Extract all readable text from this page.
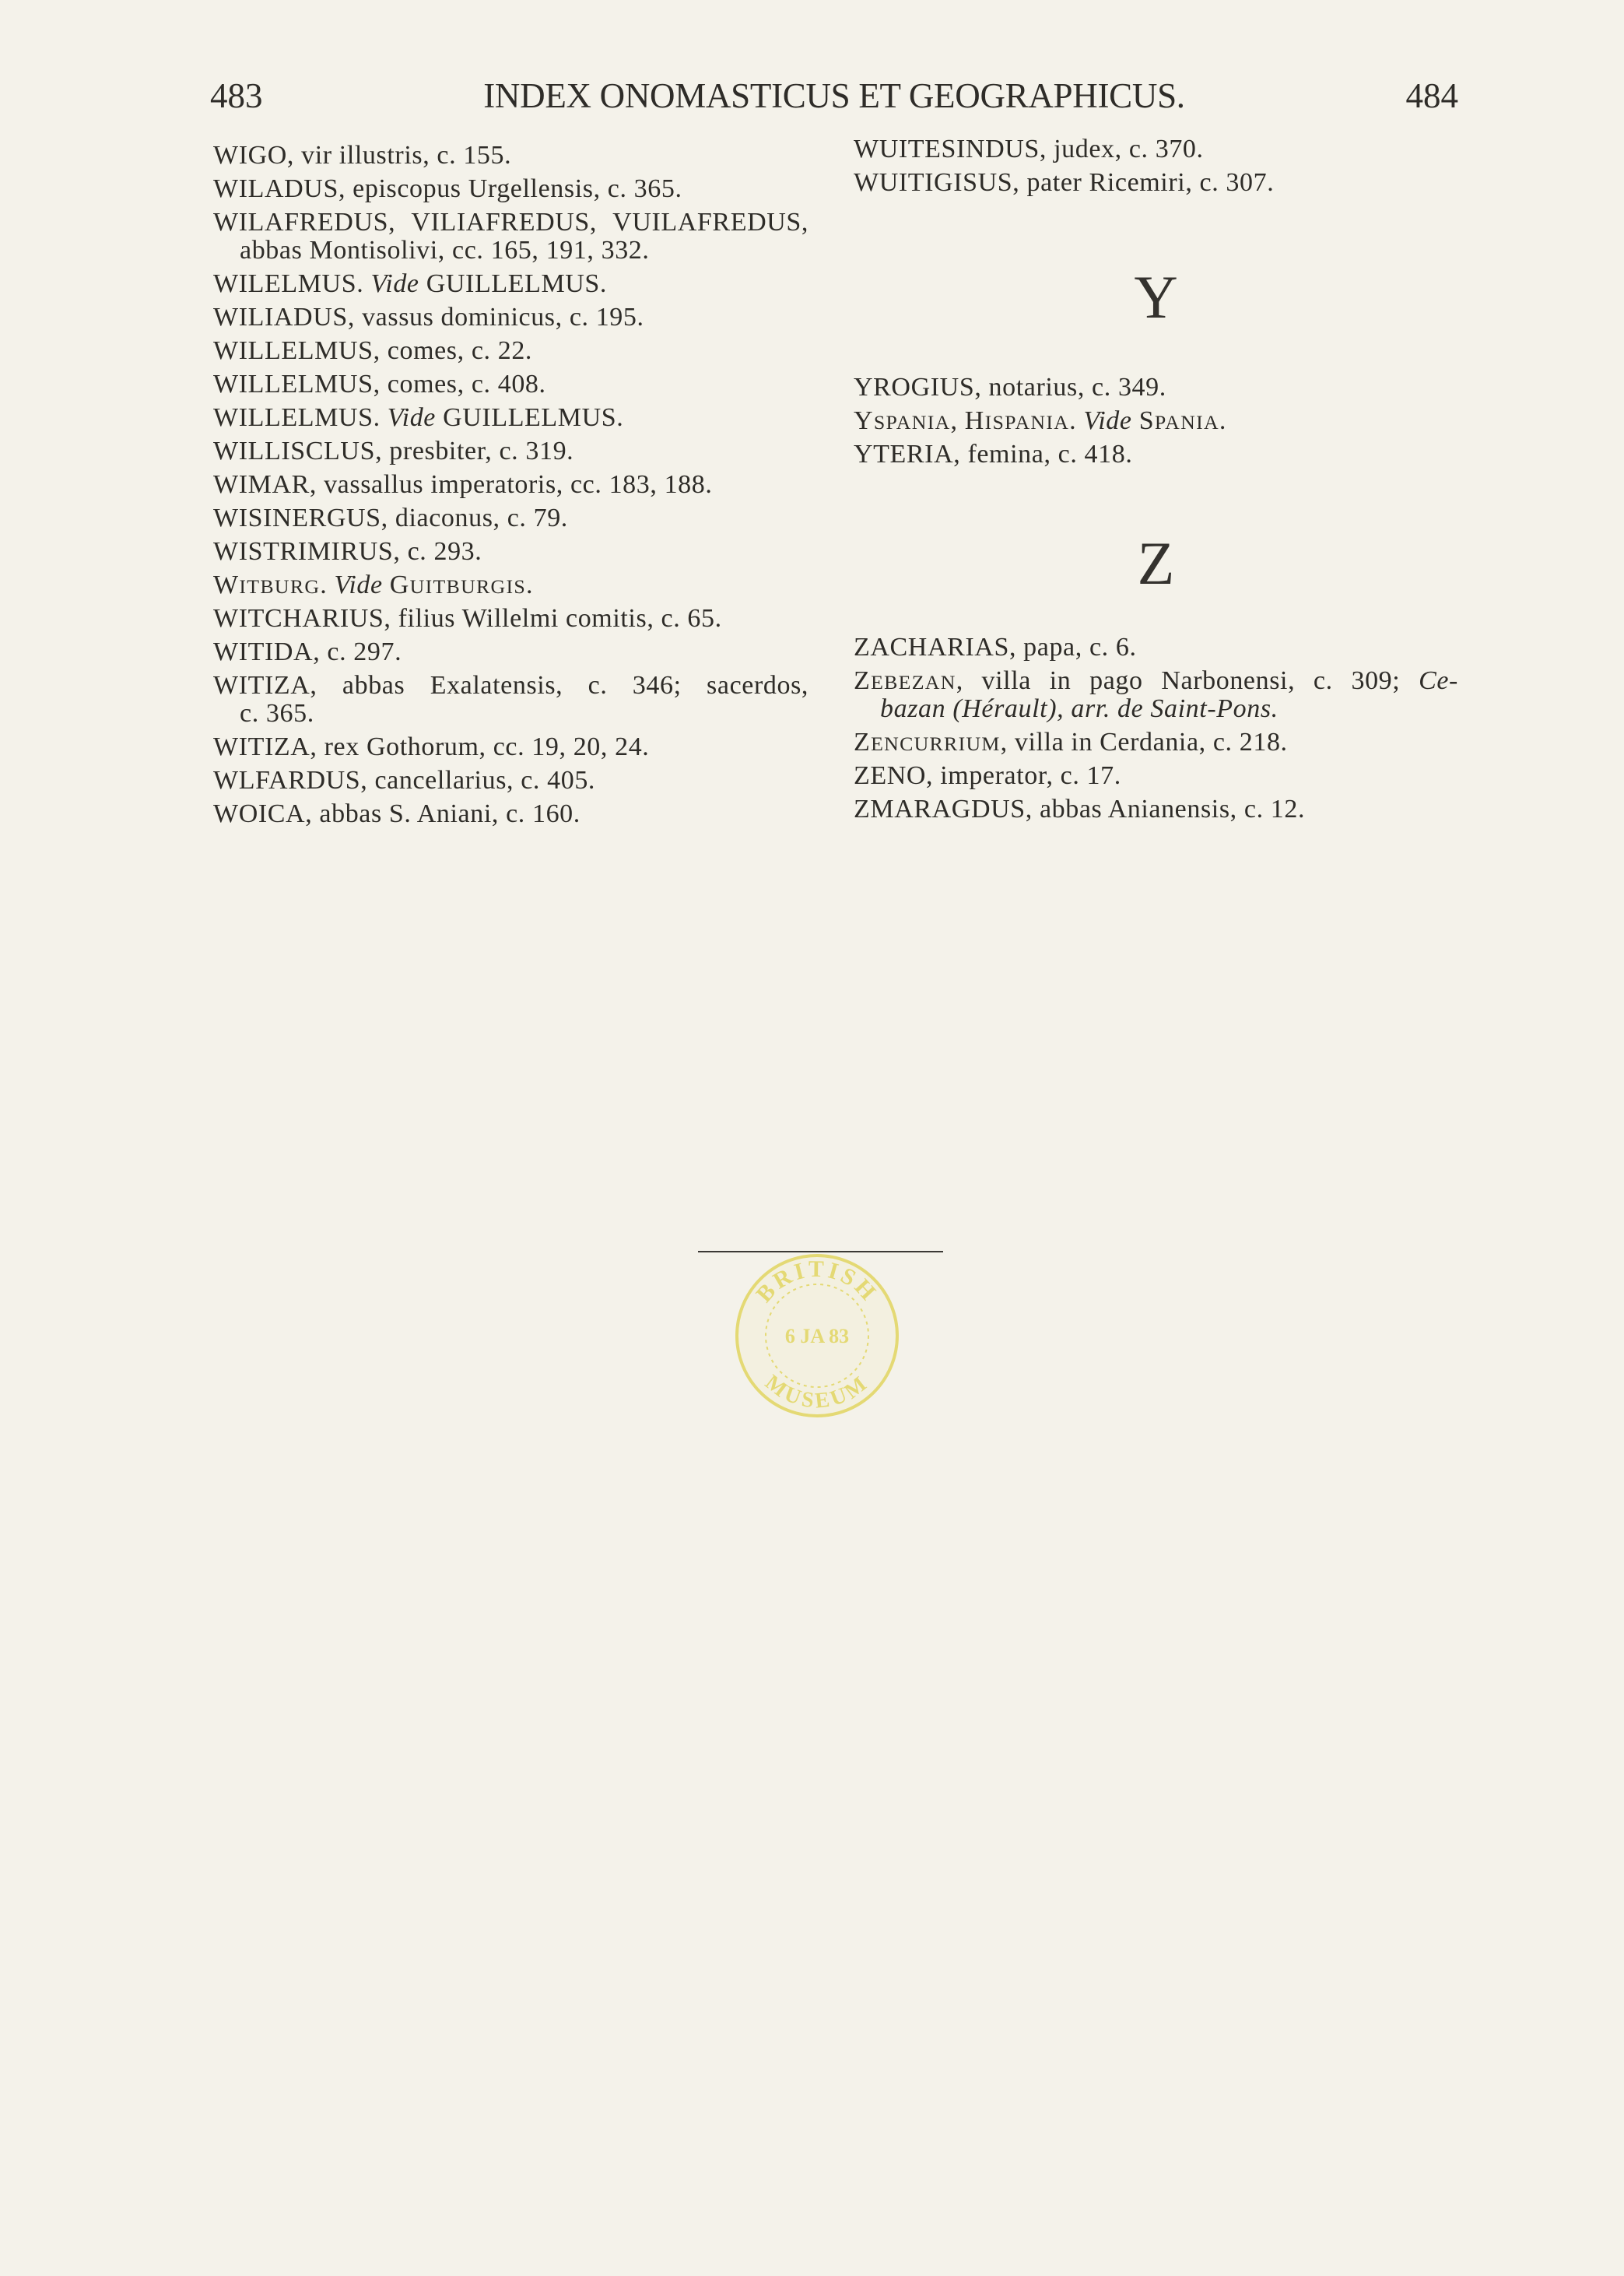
483	INDEX ONOMASTICUS ET GEOGRAPHICUS.	484
WIGO, vir illustris, c. 155.
WILADUS, episcopus Urgellensis, c. 365.
WILAFREDUS, VILIAFREDUS, VUILAFREDUS,
abbas Montisolivi, cc. 165, 191, 332.
WILELMUS. Vide GUILLELMUS.
WILIADUS, vassus dominicus, c. 195.
WILLELMUS, comes, c. 22.
WILLELMUS, comes, c. 408.
WILLELMUS. Vide GUILLELMUS.
WILLISCLUS, presbiter, c. 319.
WIMAR, vassallus imperatoris, cc. 183, 188.
WISINERGUS, diaconus, c. 79.
WISTRIMIRUS, c. 293.
WITBURG. Vide GUITBURGIS.
WITCHARIUS, filius Willelmi comitis, c. 65.
WITIDA, c. 297.
WITIZA, abbas Exalatensis, c. 346; sacerdos,
c. 365.
WITIZA, rex Gothorum, cc. 19, 20, 24.
WLFARDUS, cancellarius, c. 405.
WOICA, abbas S. Aniani, c. 160.
WUITESINDUS, judex, c. 370.
WUITIGISUS, pater Ricemiri, c. 307.
Y
YROGIUS, notarius, c. 349.
YSPANIA, HISPANIA. Vide SPANIA.
YTERIA, femina, c. 418.
Z
ZACHARIAS, papa, c. 6.
ZEBEZAN, villa in pago Narbonensi, c. 309; Ce-
bazan (Hérault), arr. de Saint-Pons.
ZENCURRIUM, villa in Cerdania, c. 218.
ZENO, imperator, c. 17.
ZMARAGDUS, abbas Anianensis, c. 12.
BRITISH
MUSEUM
6 JA 83
